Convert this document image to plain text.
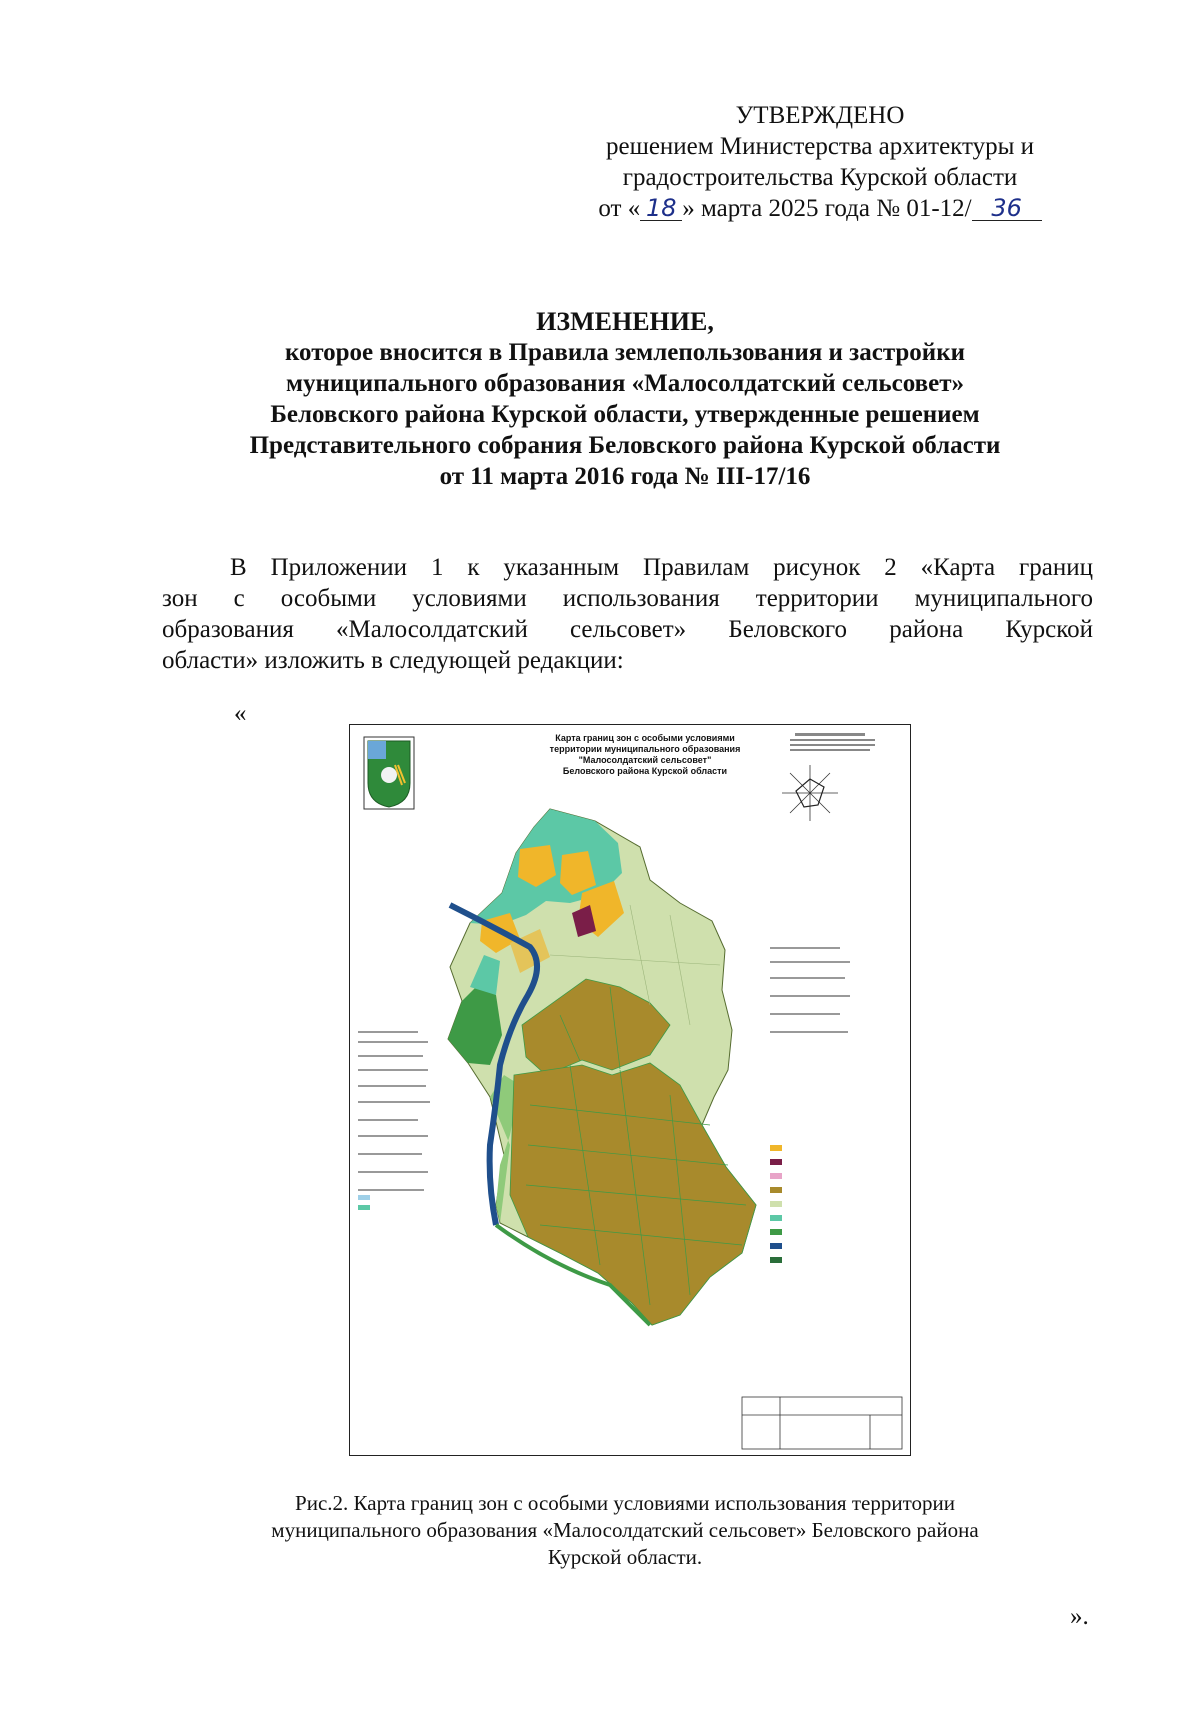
УТВЕРЖДЕНО
решением Министерства архитектуры и
градостроительства Курской области
от « 18 » марта 2025 года № 01-12/ 36
ИЗМЕНЕНИЕ,
которое вносится в Правила землепользования и застройки
муниципального образования «Малосолдатский сельсовет»
Беловского района Курской области, утвержденные решением
Представительного собрания Беловского района Курской области
от 11 марта 2016 года № III-17/16
В Приложении 1 к указанным Правилам рисунок 2 «Карта границ
зон с особыми условиями использования территории муниципального
образования «Малосолдатский сельсовет» Беловского района Курской
области» изложить в следующей редакции:
«
Карта границ зон с особыми условиями
территории муниципального образования
"Малосолдатский сельсовет"
Беловского района Курской области
Рис.2. Карта границ зон с особыми условиями использования территории
муниципального образования «Малосолдатский сельсовет» Беловского района
Курской области.
».
